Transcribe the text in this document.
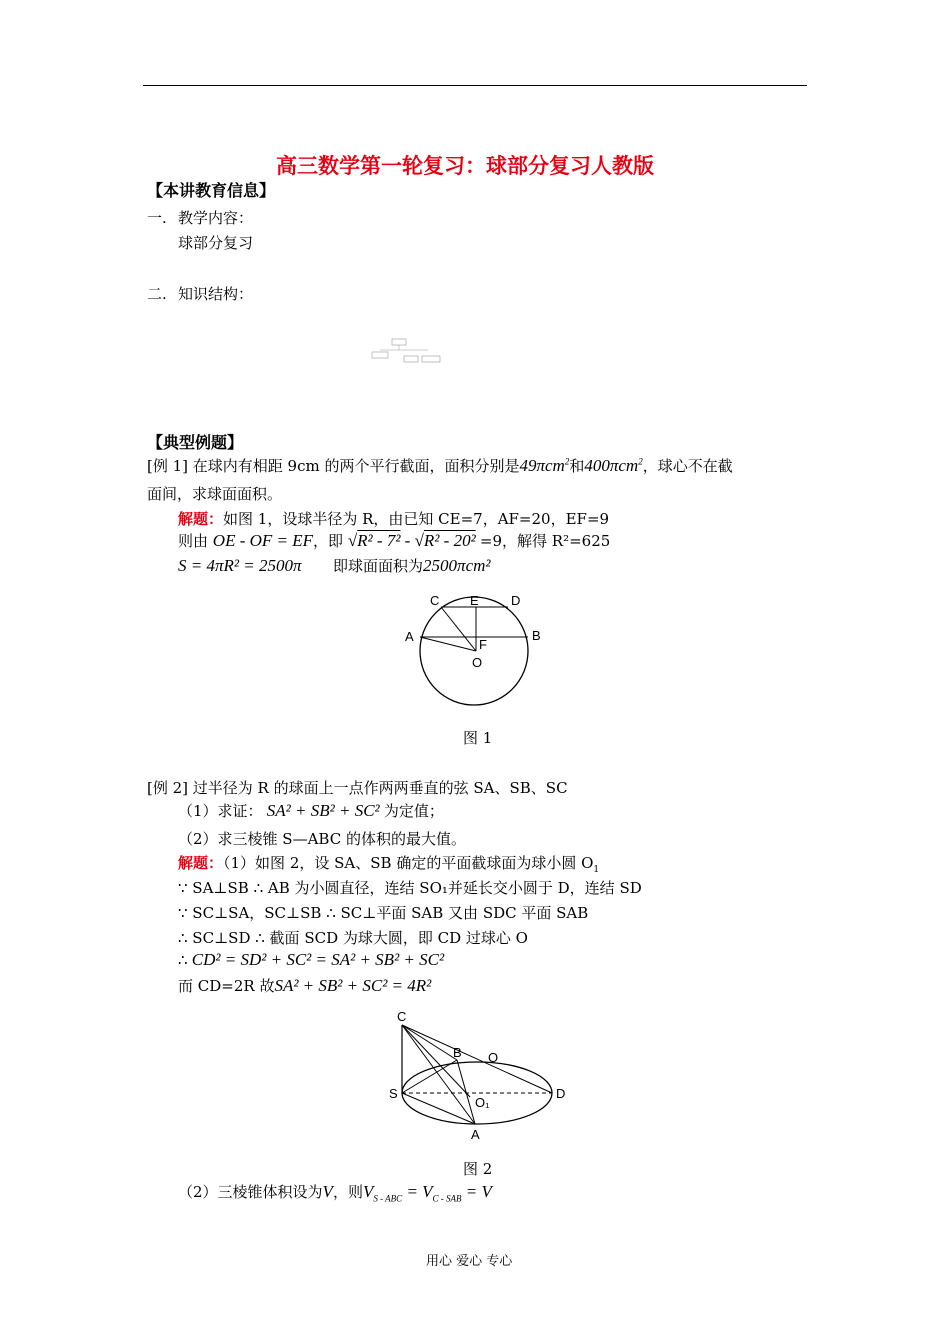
高三数学第一轮复习：球部分复习人教版
【本讲教育信息】
一. 教学内容：
球部分复习
二. 知识结构：
【典型例题】
[例 1] 在球内有相距 9cm 的两个平行截面，面积分别是49πcm$^2$和400πcm$^2$，球心不在截
面间，求球面面积。
解题：如图 1，设球半径为 R，由已知 CE=7，AF=20，EF=9
则由 OE - OF = EF，即 √R² - 7² - √R² - 20² =9，解得 R²=625
S = 4πR² = 2500π 即球面面积为2500πcm²
C E D
A	B
F
O
图 1
[例 2] 过半径为 R 的球面上一点作两两垂直的弦 SA、SB、SC
（1）求证： SA² + SB² + SC² 为定值；
（2）求三棱锥 S—ABC 的体积的最大值。
解题：（1）如图 2，设 SA、SB 确定的平面截球面为球小圆 $O_1$
∵ SA⊥SB ∴ AB 为小圆直径，连结 SO₁并延长交小圆于 D，连结 SD
∵ SC⊥SA，SC⊥SB ∴ SC⊥平面 SAB 又由 SDC 平面 SAB
∴ SC⊥SD ∴ 截面 SCD 为球大圆，即 CD 过球心 O
∴ CD² = SD² + SC² = SA² + SB² + SC²
而 CD=2R 故SA² + SB² + SC² = 4R²
C
B O
S	D
O₁
A
图 2
（2）三棱锥体积设为V，则$V_{S - ABC} = V_{C - SAB} = V$
用心 爱心 专心
